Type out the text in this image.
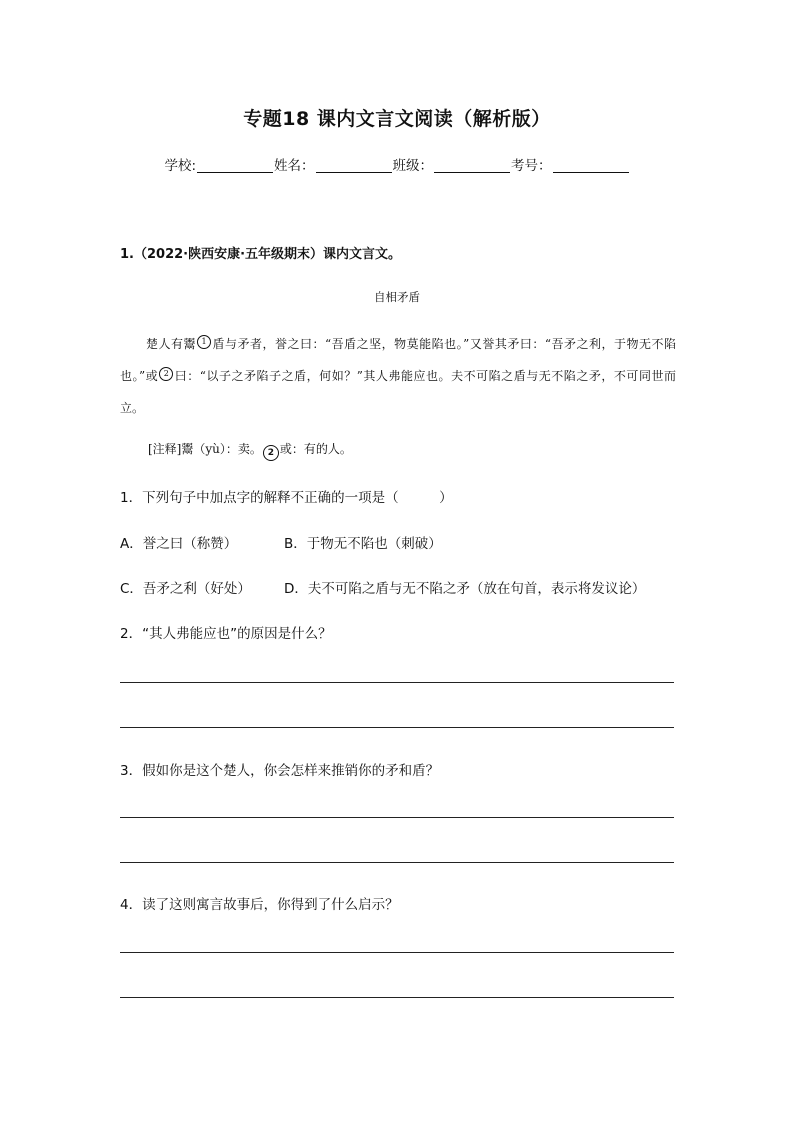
专题18 课内文言文阅读（解析版）
学校:	姓名：	班级：	考号：
1.（2022·陕西安康·五年级期末）课内文言文。
自相矛盾
楚人有鬻 1 盾与矛者，誉之曰：“吾盾之坚，物莫能陷也。”又誉其矛曰：“吾矛之利，于物无不陷也。”或 2 曰：“以子之矛陷子之盾，何如？”其人弗能应也。夫不可陷之盾与无不陷之矛，不可同世而立。
[注释]鬻（yù）：卖。 2 或：有的人。
1．下列句子中加点字的解释不正确的一项是（　　　）
A．誉之曰（称赞）	B．于物无不陷也（刺破）
C．吾矛之利（好处） D．夫不可陷之盾与无不陷之矛（放在句首，表示将发议论）
2．“其人弗能应也”的原因是什么？
3．假如你是这个楚人，你会怎样来推销你的矛和盾？
4．读了这则寓言故事后，你得到了什么启示？
